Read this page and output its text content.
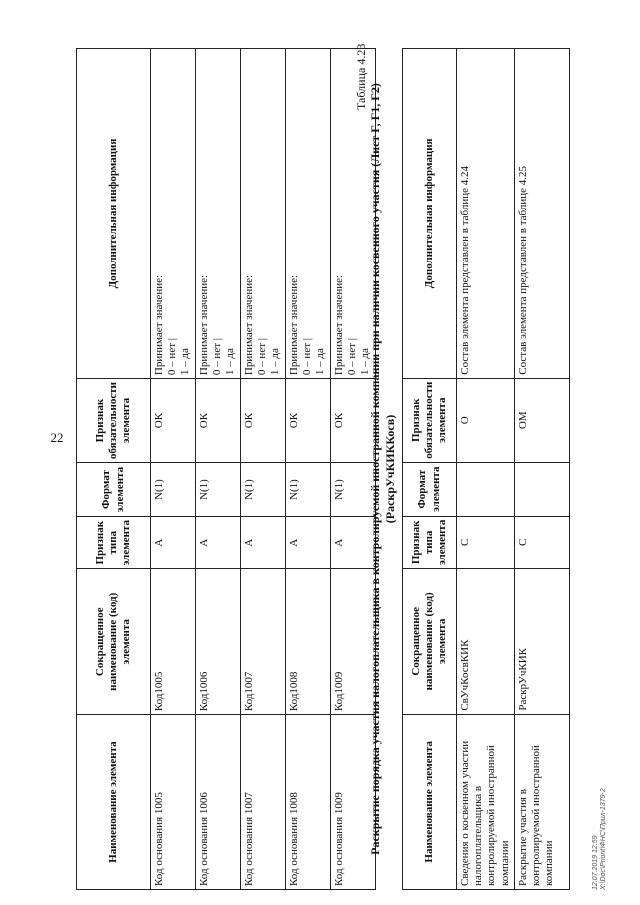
22
Наименование элемента	Сокращенное наименование (код) элемента	Признак типа элемента	Формат элемента	Признак обязательности элемента	Дополнительная информация
Код основания 1005	Код1005	А	N(1)	ОК	Принимает значение:
0 – нет |
1 – да
Код основания 1006	Код1006	А	N(1)	ОК	Принимает значение:
0 – нет |
1 – да
Код основания 1007	Код1007	А	N(1)	ОК	Принимает значение:
0 – нет |
1 – да
Код основания 1008	Код1008	А	N(1)	ОК	Принимает значение:
0 – нет |
1 – да
Код основания 1009	Код1009	А	N(1)	ОК	Принимает значение:
0 – нет |
1 – да
Таблица 4.23
Раскрытие порядка участия налогоплательщика в контролируемой иностранной компании при наличии косвенного участия (Лист Г, Г1, Г2) (РаскрУчКИККосв)
Наименование элемента	Сокращенное наименование (код) элемента	Признак типа элемента	Формат элемента	Признак обязательности элемента	Дополнительная информация
Сведения о косвенном участии налогоплательщика в контролируемой иностранной компании	СвУчКосвКИК	С		О	Состав элемента представлен в таблице 4.24
Раскрытие участия в контролируемой иностранной компании	РаскрУчКИК	С		ОМ	Состав элемента представлен в таблице 4.25
12.07.2019 12:59 X:\Doc\Priorit\ФНС\Прил-1379-2
